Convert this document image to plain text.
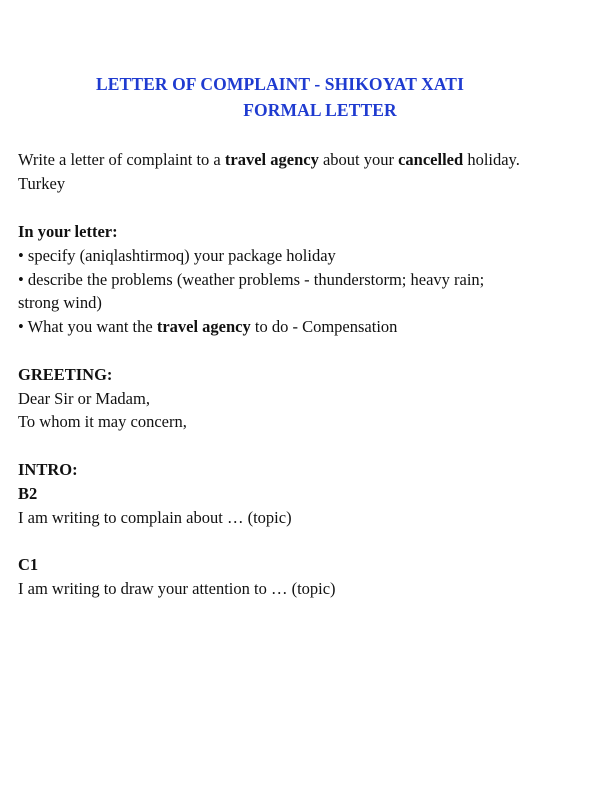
LETTER OF COMPLAINT - SHIKOYAT XATI
FORMAL LETTER
Write a letter of complaint to a travel agency about your cancelled holiday.
Turkey
In your letter:
• specify (aniqlashtirmoq) your package holiday
• describe the problems (weather problems - thunderstorm; heavy rain;
strong wind)
• What you want the travel agency to do - Compensation
GREETING:
Dear Sir or Madam,
To whom it may concern,
INTRO:
B2
I am writing to complain about … (topic)
C1
I am writing to draw your attention to … (topic)
